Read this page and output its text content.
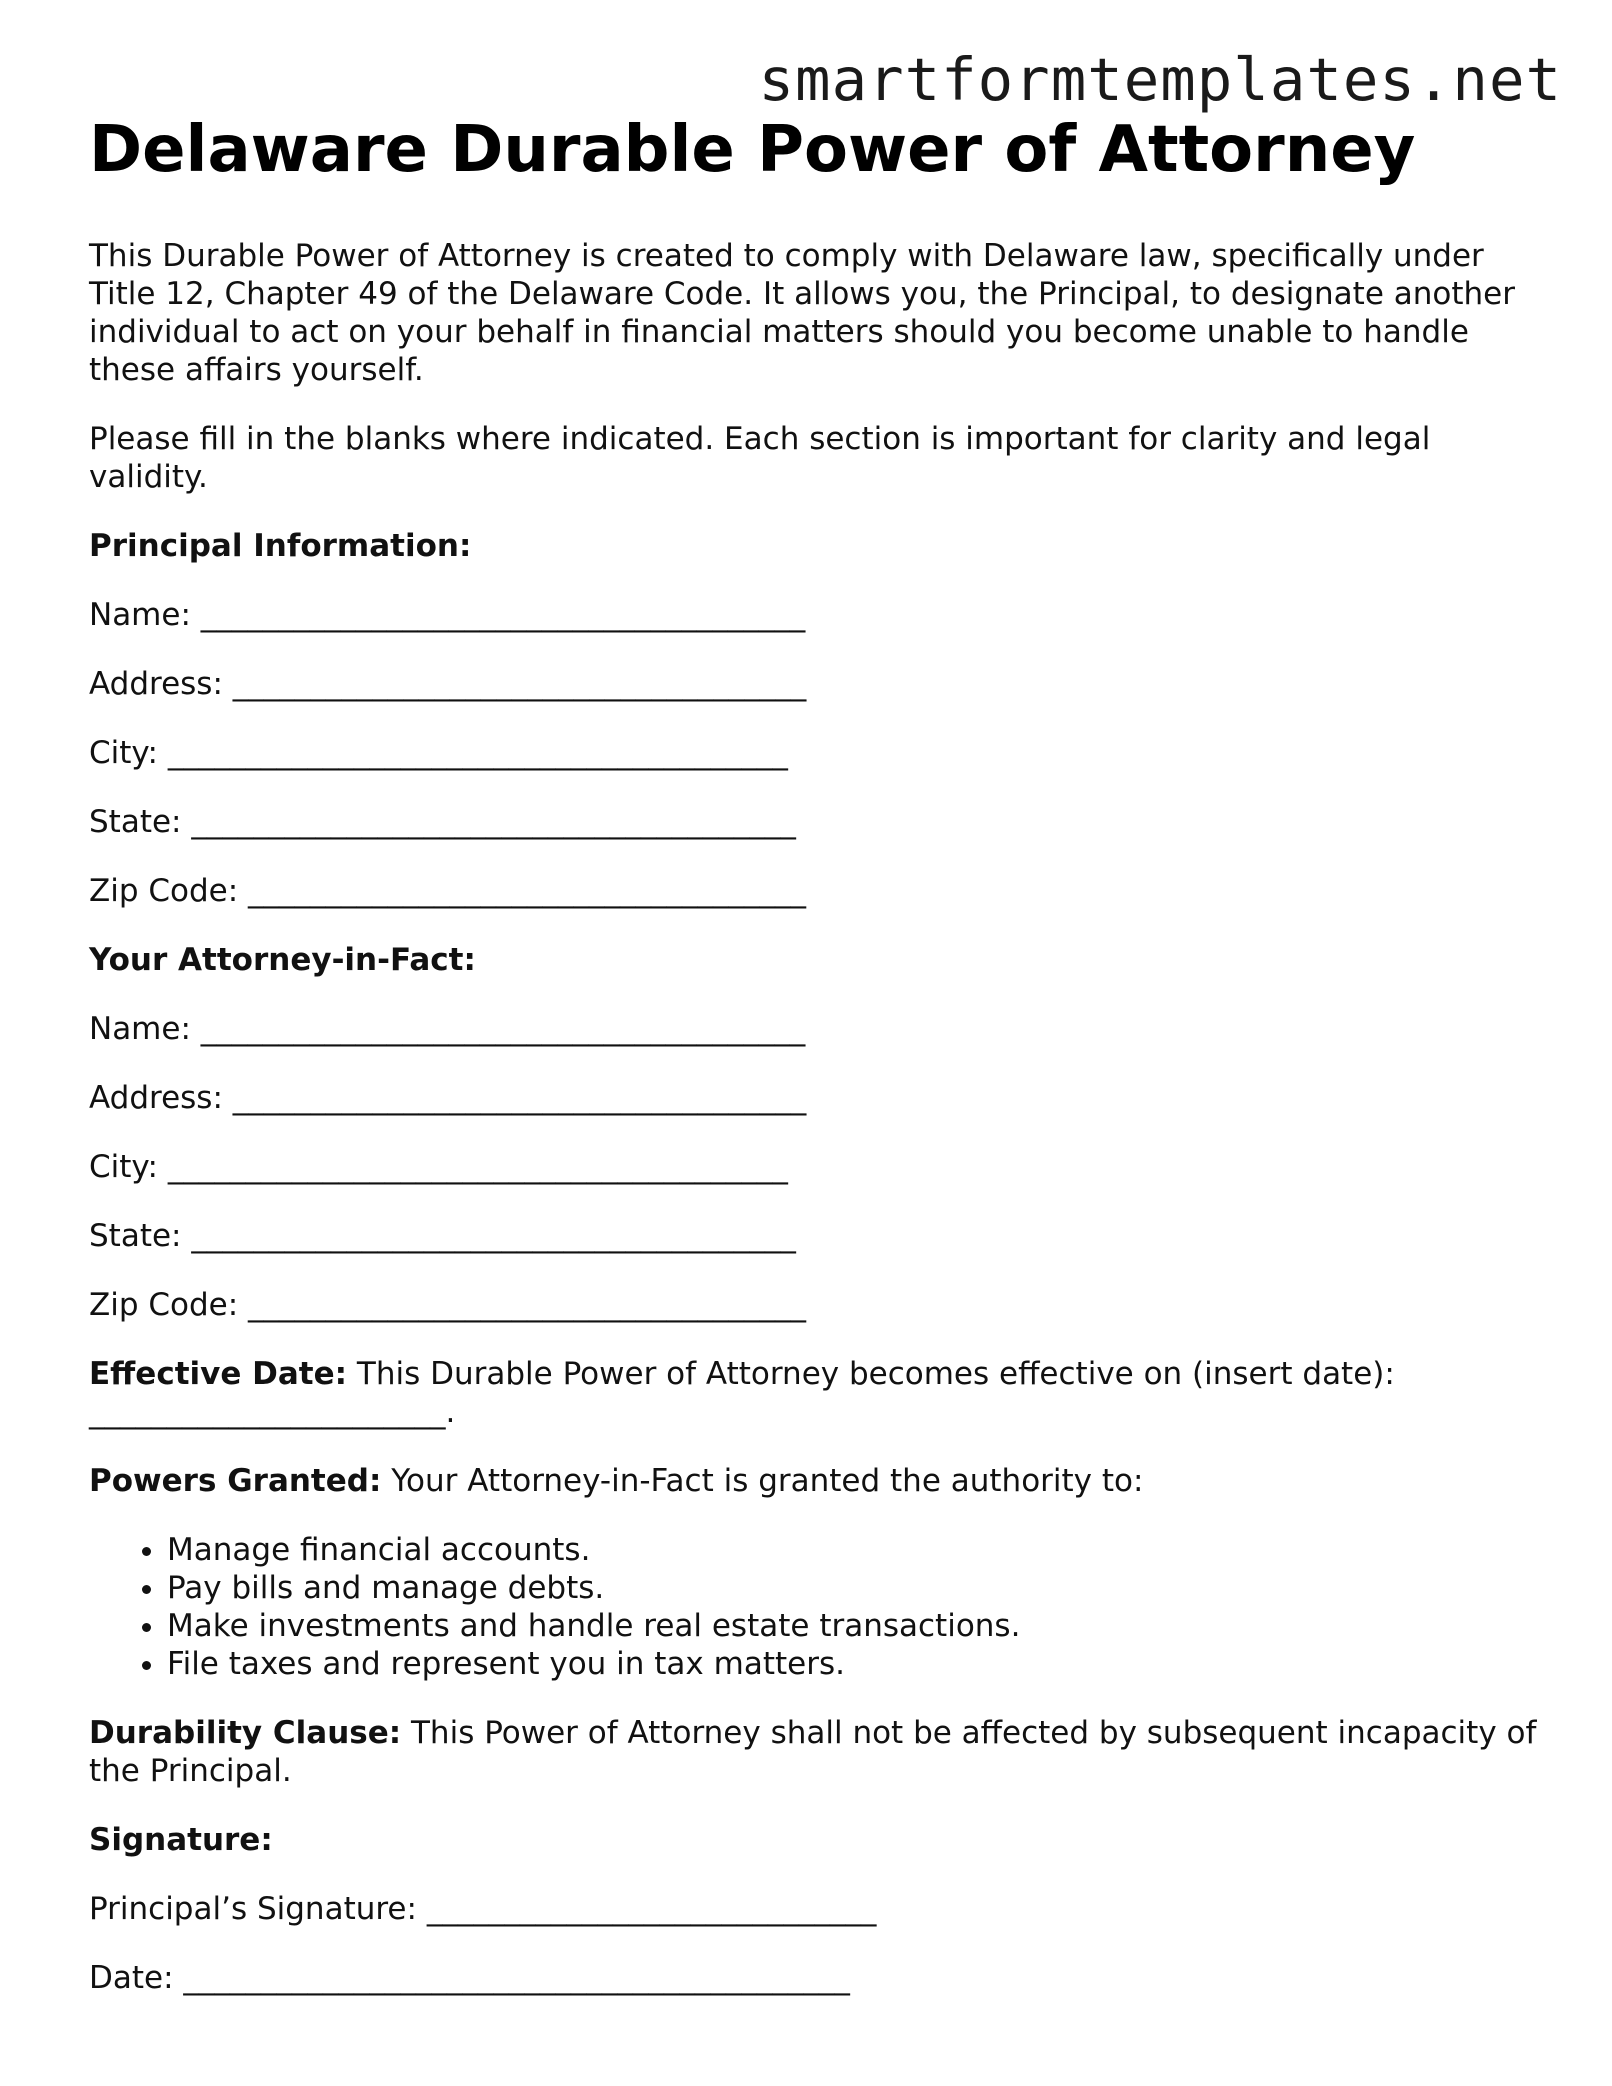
smartformtemplates.net
Delaware Durable Power of Attorney

This Durable Power of Attorney is created to comply with Delaware law, specifically under Title 12, Chapter 49 of the Delaware Code. It allows you, the Principal, to designate another individual to act on your behalf in financial matters should you become unable to handle these affairs yourself.

Please fill in the blanks where indicated. Each section is important for clarity and legal validity.

Principal Information:

Name: _______________________________________

Address: _____________________________________

City: ________________________________________

State: _______________________________________

Zip Code: ____________________________________

Your Attorney-in-Fact:

Name: _______________________________________

Address: _____________________________________

City: ________________________________________

State: _______________________________________

Zip Code: ____________________________________

Effective Date: This Durable Power of Attorney becomes effective on (insert date): _______________________.

Powers Granted: Your Attorney-in-Fact is granted the authority to:

• Manage financial accounts.
• Pay bills and manage debts.
• Make investments and handle real estate transactions.
• File taxes and represent you in tax matters.

Durability Clause: This Power of Attorney shall not be affected by subsequent incapacity of the Principal.

Signature:

Principal’s Signature: _____________________________

Date: ___________________________________________
